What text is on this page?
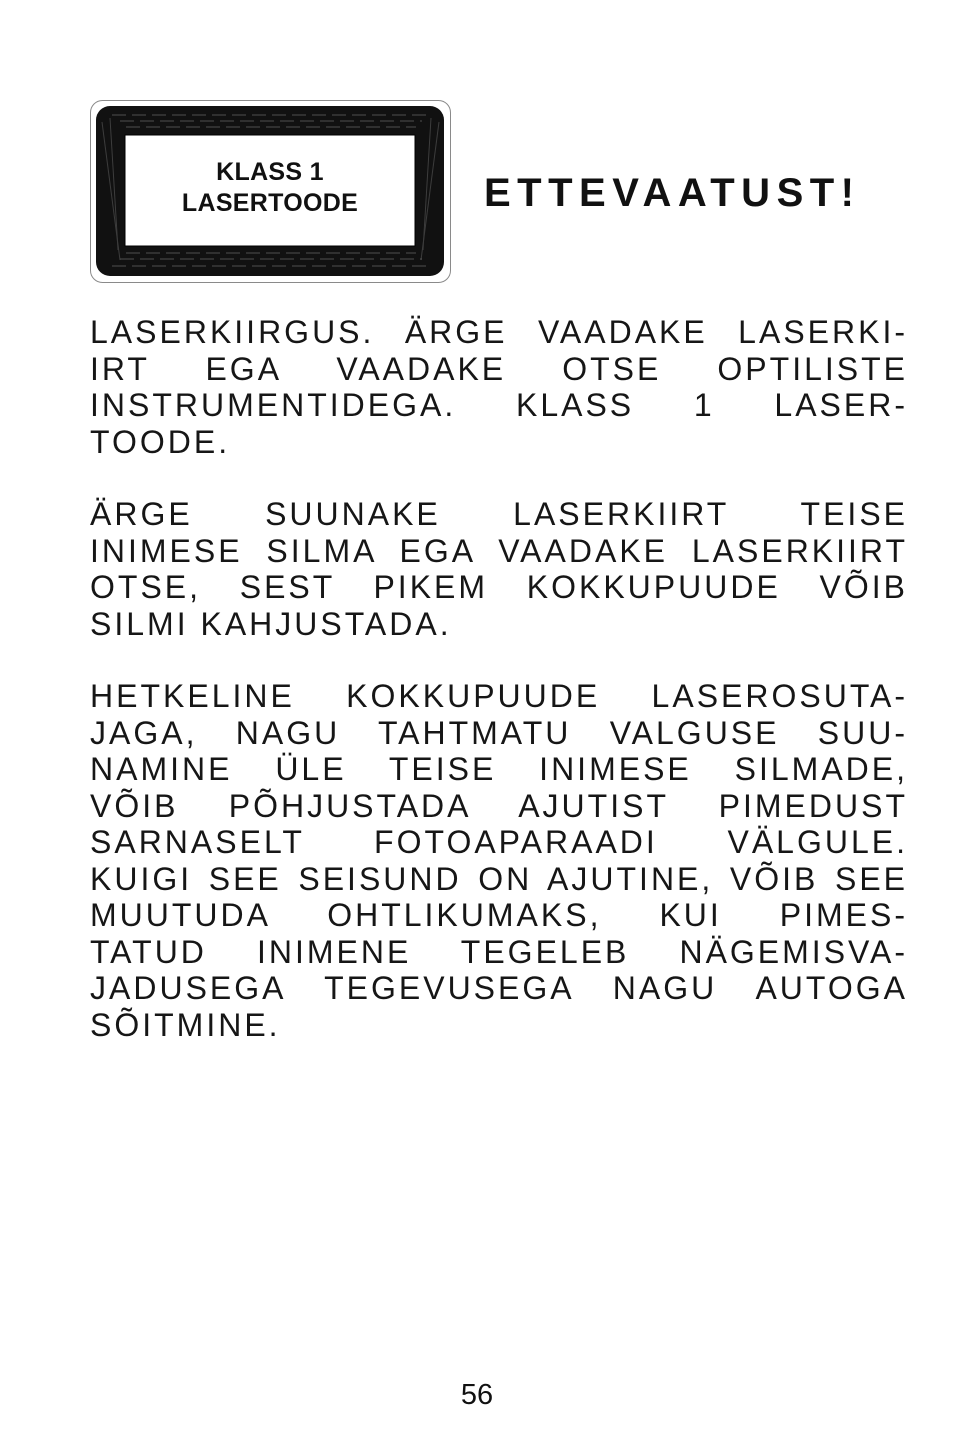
KLASS 1
LASERTOODE	ETTEVAATUST!
LASERKIIRGUS. ÄRGE VAADAKE LASERKI-
IRT EGA VAADAKE OTSE OPTILISTE
INSTRUMENTIDEGA. KLASS 1 LASER-
TOODE.
ÄRGE SUUNAKE LASERKIIRT TEISE
INIMESE SILMA EGA VAADAKE LASERKIIRT
OTSE, SEST PIKEM KOKKUPUUDE VÕIB
SILMI KAHJUSTADA.
HETKELINE KOKKUPUUDE LASEROSUTA-
JAGA, NAGU TAHTMATU VALGUSE SUU-
NAMINE ÜLE TEISE INIMESE SILMADE,
VÕIB PÕHJUSTADA AJUTIST PIMEDUST
SARNASELT FOTOAPARAADI VÄLGULE.
KUIGI SEE SEISUND ON AJUTINE, VÕIB SEE
MUUTUDA OHTLIKUMAKS, KUI PIMES-
TATUD INIMENE TEGELEB NÄGEMISVA-
JADUSEGA TEGEVUSEGA NAGU AUTOGA
SÕITMINE.
56
